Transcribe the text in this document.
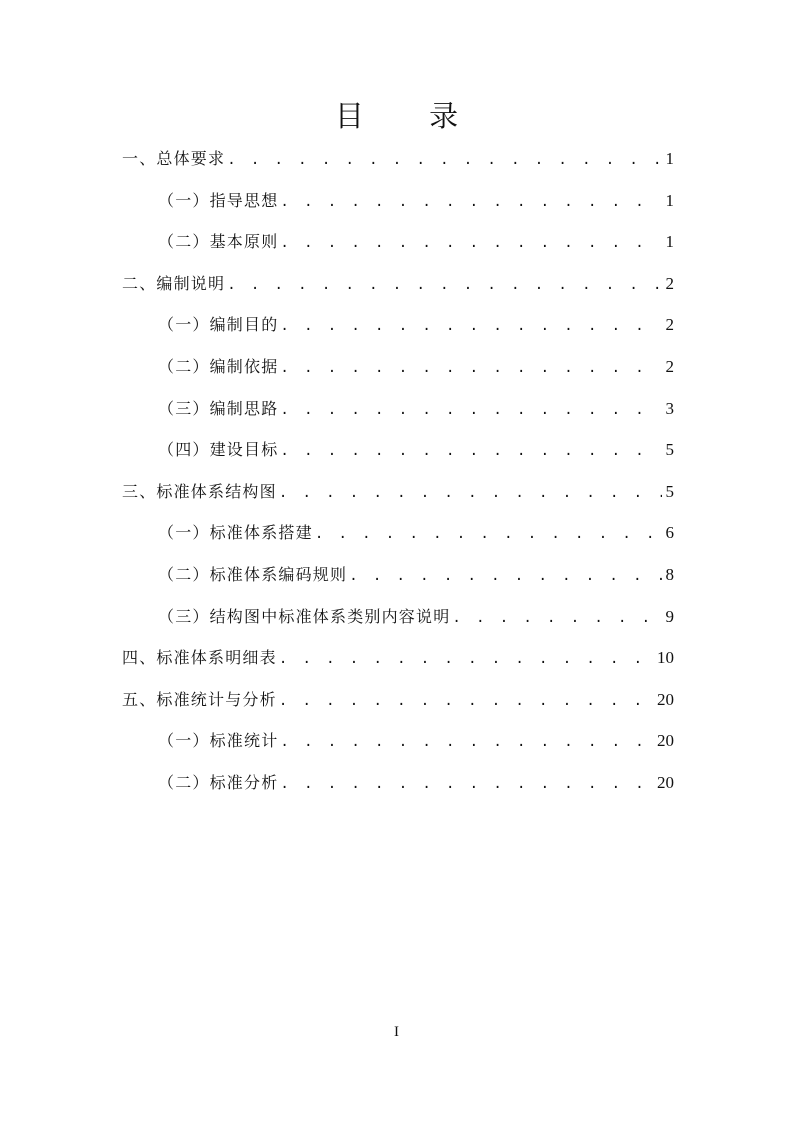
目 录
一、总体要求 . . .	1
（一）指导思想 . . .	1
（二）基本原则 . . .	1
二、编制说明 . . .	2
（一）编制目的 . . .	2
（二）编制依据 . . .	2
（三）编制思路 . . .	3
（四）建设目标 . . .	5
三、标准体系结构图 . . .	5
（一）标准体系搭建 . . .	6
（二）标准体系编码规则 . . .	8
（三）结构图中标准体系类别内容说明 . . .	9
四、标准体系明细表 . . .	10
五、标准统计与分析 . . .	20
（一）标准统计 . . .	20
（二）标准分析 . . .	20
I
